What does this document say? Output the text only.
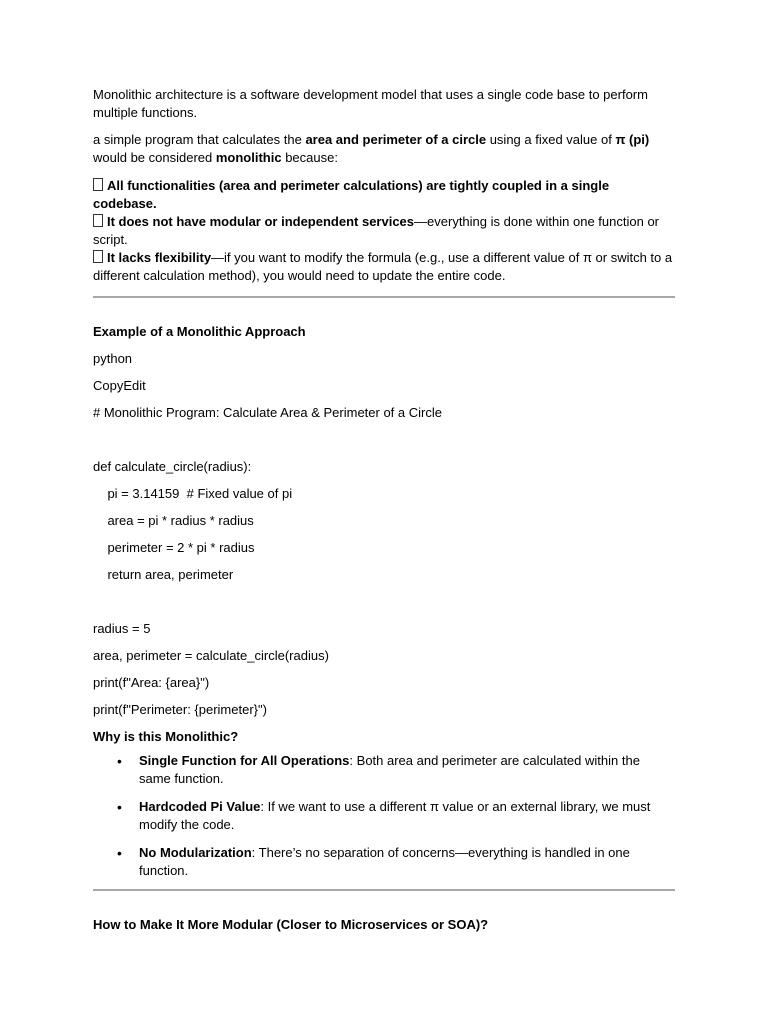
Monolithic architecture is a software development model that uses a single code base to perform multiple functions.

a simple program that calculates the area and perimeter of a circle using a fixed value of π (pi) would be considered monolithic because:

All functionalities (area and perimeter calculations) are tightly coupled in a single codebase.
It does not have modular or independent services—everything is done within one function or script.
It lacks flexibility—if you want to modify the formula (e.g., use a different value of π or switch to a different calculation method), you would need to update the entire code.

Example of a Monolithic Approach

python

CopyEdit

# Monolithic Program: Calculate Area & Perimeter of a Circle

def calculate_circle(radius):

pi = 3.14159  # Fixed value of pi

area = pi * radius * radius

perimeter = 2 * pi * radius

return area, perimeter

radius = 5

area, perimeter = calculate_circle(radius)

print(f"Area: {area}")

print(f"Perimeter: {perimeter}")

Why is this Monolithic?

• Single Function for All Operations: Both area and perimeter are calculated within the same function.
• Hardcoded Pi Value: If we want to use a different π value or an external library, we must modify the code.
• No Modularization: There’s no separation of concerns—everything is handled in one function.

How to Make It More Modular (Closer to Microservices or SOA)?
